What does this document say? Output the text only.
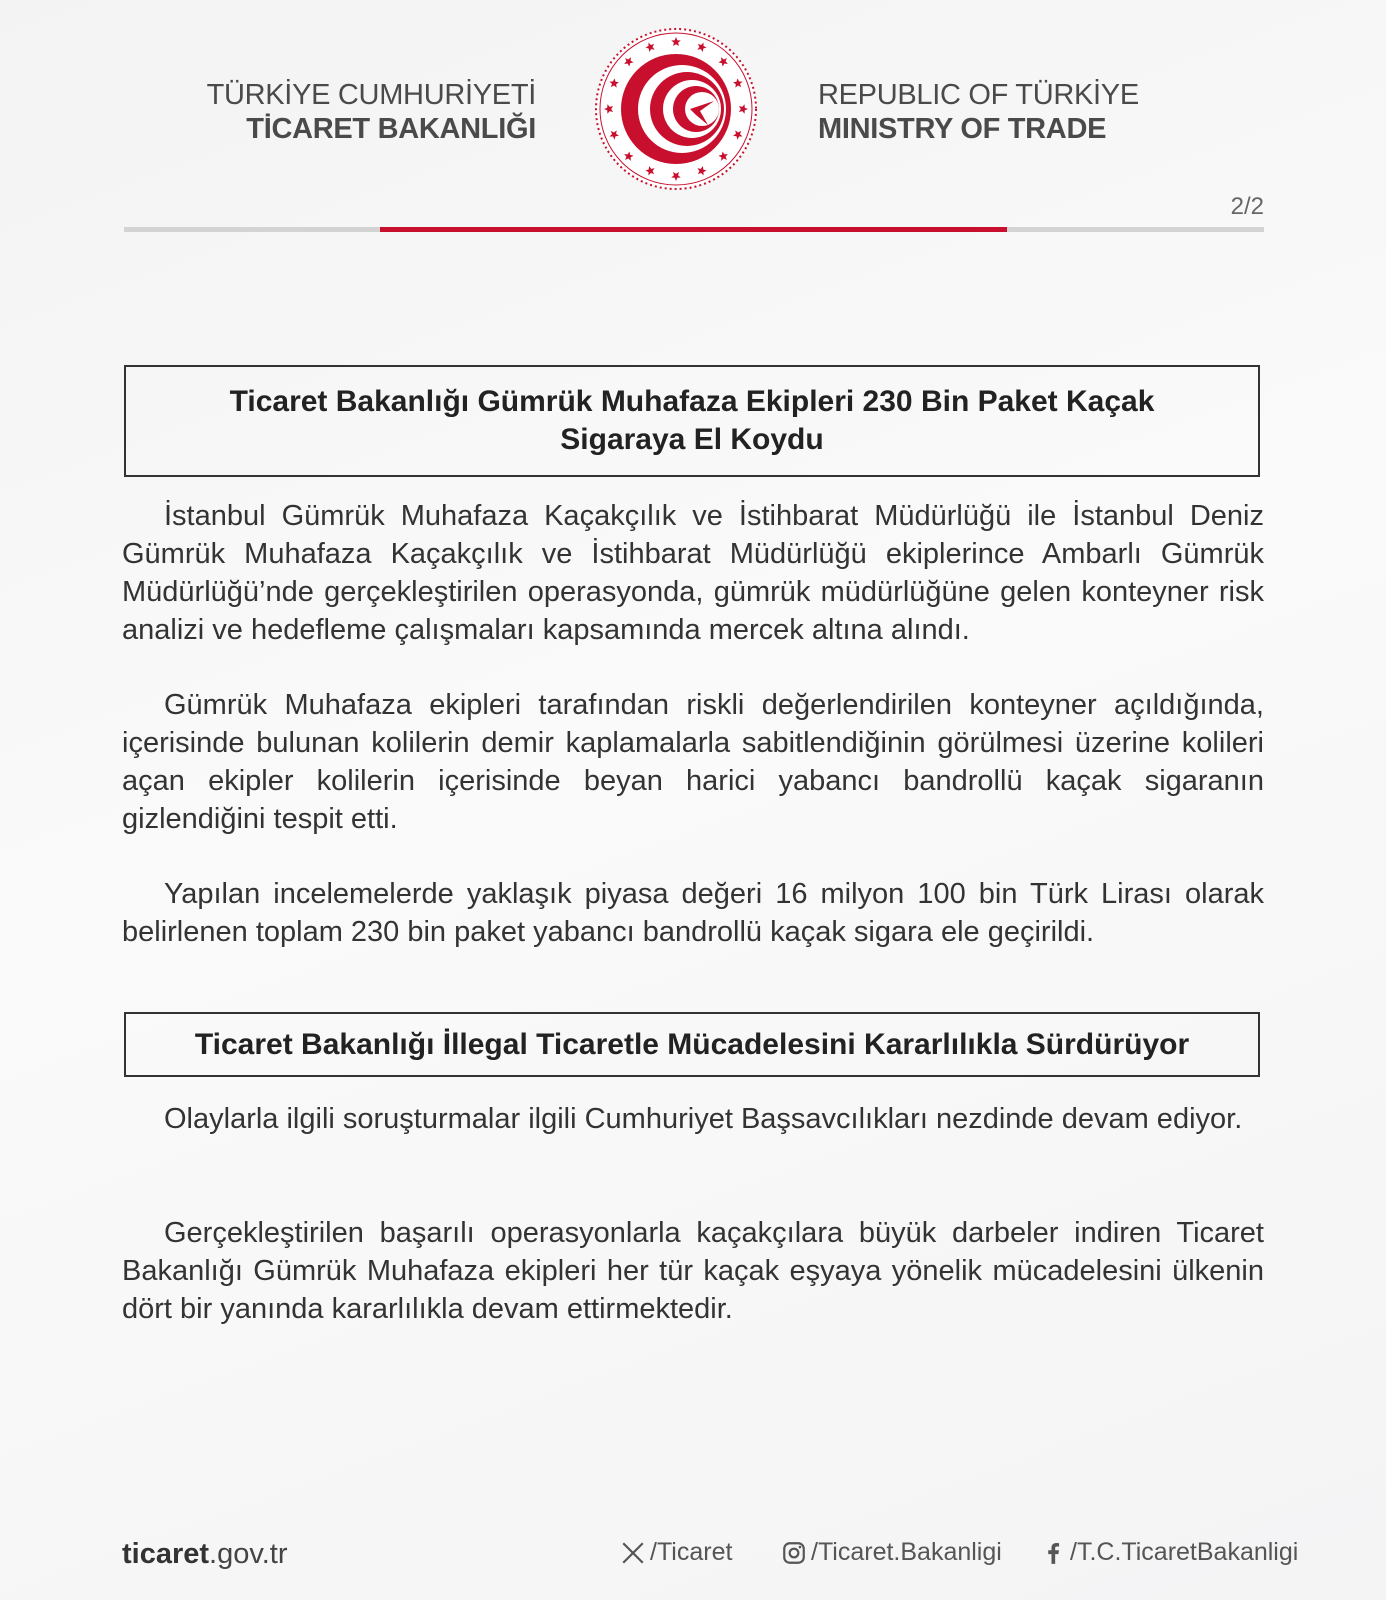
TÜRKİYE CUMHURİYETİ
TİCARET BAKANLIĞI
REPUBLIC OF TÜRKİYE
MINISTRY OF TRADE
2/2
Ticaret Bakanlığı Gümrük Muhafaza Ekipleri 230 Bin Paket Kaçak Sigaraya El Koydu
İstanbul Gümrük Muhafaza Kaçakçılık ve İstihbarat Müdürlüğü ile İstanbul Deniz Gümrük Muhafaza Kaçakçılık ve İstihbarat Müdürlüğü ekiplerince Ambarlı Gümrük Müdürlüğü’nde gerçekleştirilen operasyonda, gümrük müdürlüğüne gelen konteyner risk analizi ve hedefleme çalışmaları kapsamında mercek altına alındı.
Gümrük Muhafaza ekipleri tarafından riskli değerlendirilen konteyner açıldığında, içerisinde bulunan kolilerin demir kaplamalarla sabitlendiğinin görülmesi üzerine kolileri açan ekipler kolilerin içerisinde beyan harici yabancı bandrollü kaçak sigaranın gizlendiğini tespit etti.
Yapılan incelemelerde yaklaşık piyasa değeri 16 milyon 100 bin Türk Lirası olarak belirlenen toplam 230 bin paket yabancı bandrollü kaçak sigara ele geçirildi.
Ticaret Bakanlığı İllegal Ticaretle Mücadelesini Kararlılıkla Sürdürüyor
Olaylarla ilgili soruşturmalar ilgili Cumhuriyet Başsavcılıkları nezdinde devam ediyor.
Gerçekleştirilen başarılı operasyonlarla kaçakçılara büyük darbeler indiren Ticaret Bakanlığı Gümrük Muhafaza ekipleri her tür kaçak eşyaya yönelik mücadelesini ülkenin dört bir yanında kararlılıkla devam ettirmektedir.
ticaret.gov.tr	/Ticaret	/Ticaret.Bakanligi	/T.C.TicaretBakanligi
